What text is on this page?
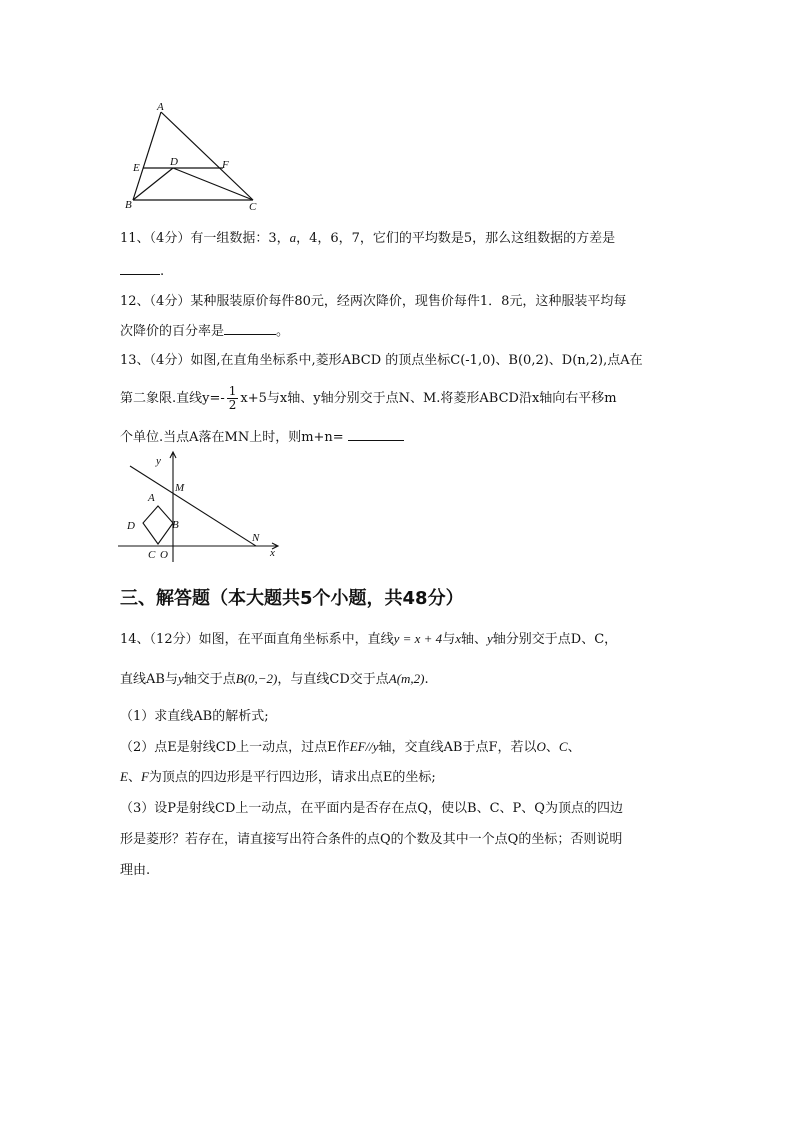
A
D
E	F
B	C
11、（4分）有一组数据：3，a，4，6，7，它们的平均数是5，那么这组数据的方差是
.
12、（4分）某种服装原价每件80元，经两次降价，现售价每件1．8元，这种服装平均每
次降价的百分率是	。
13、（4分）如图,在直角坐标系中,菱形ABCD 的顶点坐标C(-1,0)、B(0,2)、D(n,2),点A在
第二象限.直线$y=- \frac{1}{2} x+5$与x轴、y轴分别交于点N、M.将菱形ABCD沿x轴向右平移m
个单位.当点A落在MN上时，则m+n=
y
M
A
D	B
C O
N
x
三、解答题（本大题共5个小题，共48分）
14、（12分）如图，在平面直角坐标系中，直线y = x + 4与x轴、y轴分别交于点D、C，
直线AB与y轴交于点B(0,−2)，与直线CD交于点A(m,2).
（1）求直线AB的解析式;
（2）点E是射线CD上一动点，过点E作EF//y轴，交直线AB于点F，若以O、C、
E、F为顶点的四边形是平行四边形，请求出点E的坐标;
（3）设P是射线CD上一动点，在平面内是否存在点Q，使以B、C、P、Q为顶点的四边
形是菱形？若存在，请直接写出符合条件的点Q的个数及其中一个点Q的坐标；否则说明
理由.
